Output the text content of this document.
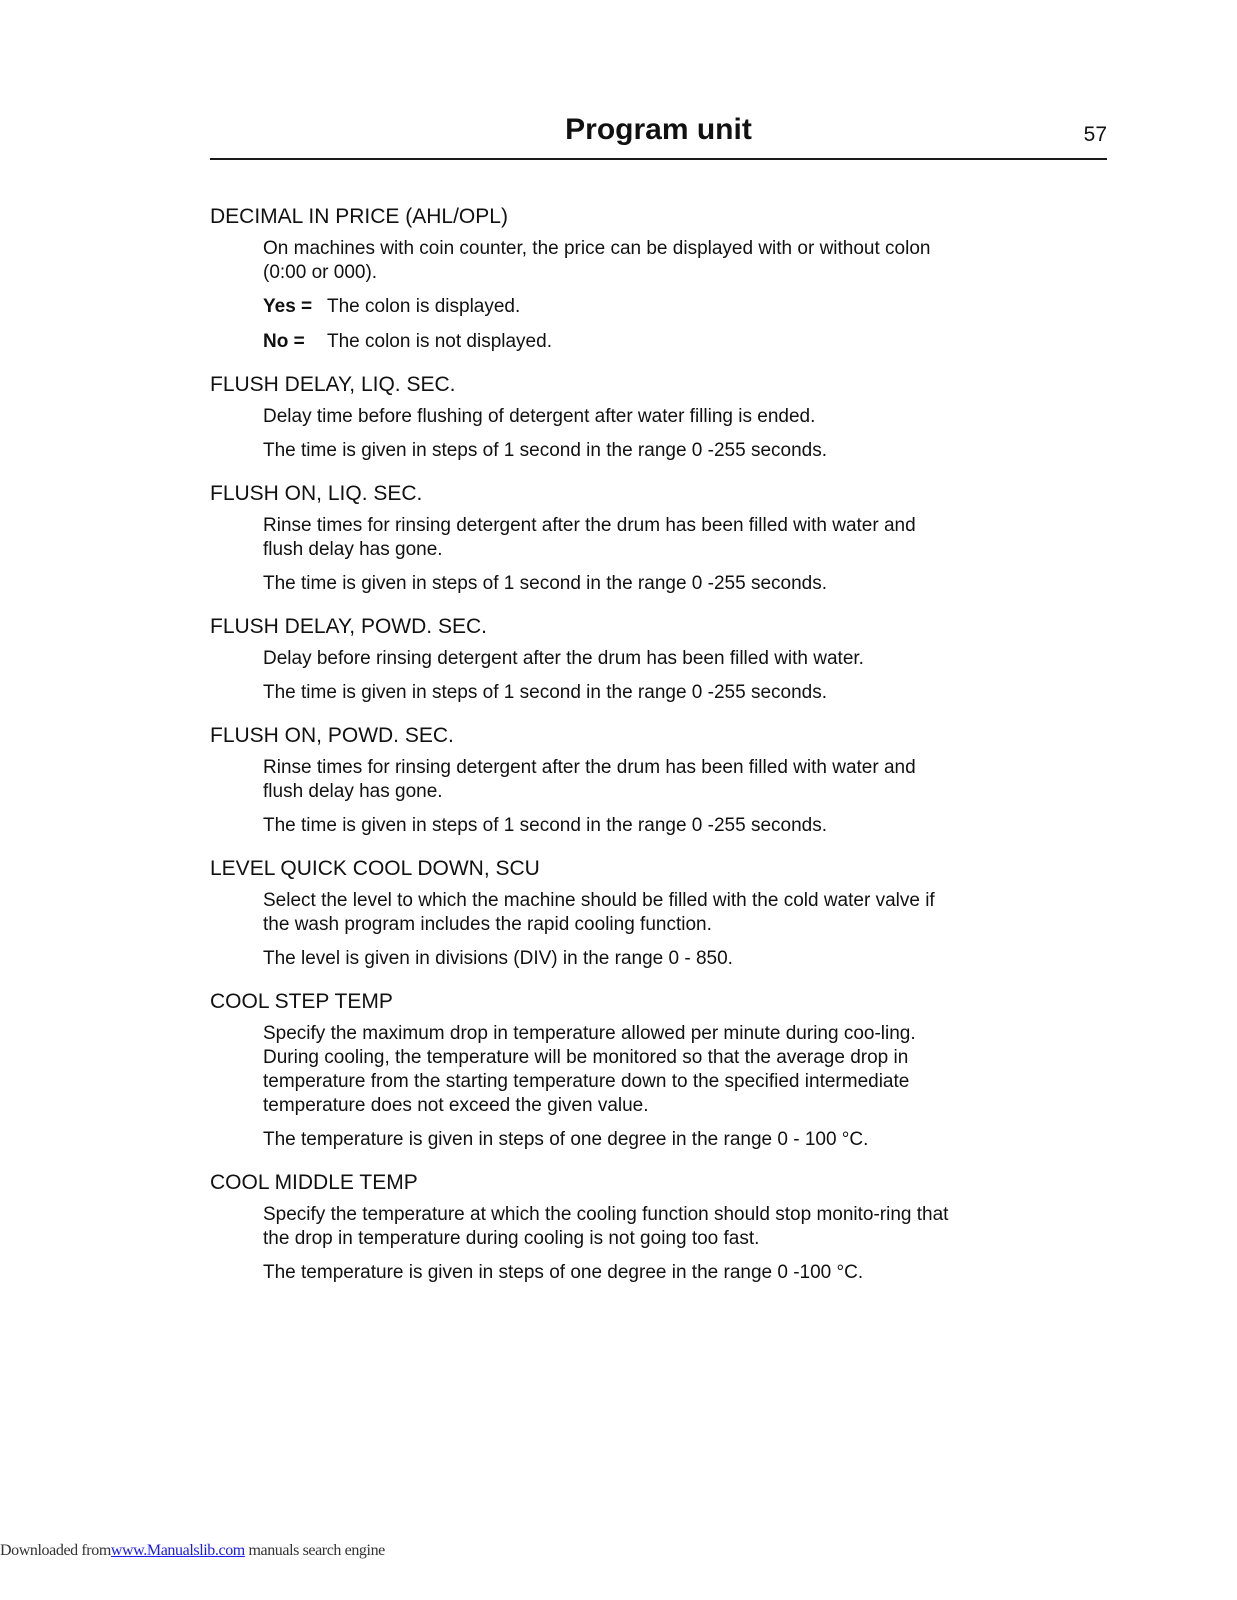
Program unit	57
DECIMAL IN PRICE (AHL/OPL)

On machines with coin counter, the price can be displayed with or without colon (0:00 or 000).

Yes = The colon is displayed.
No =	The colon is not displayed.
FLUSH DELAY, LIQ. SEC.

Delay time before flushing of detergent after water filling is ended.

The time is given in steps of 1 second in the range 0 -255 seconds.

FLUSH ON, LIQ. SEC.

Rinse times for rinsing detergent after the drum has been filled with water and flush delay has gone.

The time is given in steps of 1 second in the range 0 -255 seconds.

FLUSH DELAY, POWD. SEC.

Delay before rinsing detergent after the drum has been filled with water.

The time is given in steps of 1 second in the range 0 -255 seconds.

FLUSH ON, POWD. SEC.

Rinse times for rinsing detergent after the drum has been filled with water and flush delay has gone.

The time is given in steps of 1 second in the range 0 -255 seconds.

LEVEL QUICK COOL DOWN, SCU

Select the level to which the machine should be filled with the cold water valve if the wash program includes the rapid cooling function.

The level is given in divisions (DIV) in the range 0 - 850.

COOL STEP TEMP

Specify the maximum drop in temperature allowed per minute during coo-ling. During cooling, the temperature will be monitored so that the average drop in temperature from the starting temperature down to the specified intermediate temperature does not exceed the given value.

The temperature is given in steps of one degree in the range 0 - 100 °C.

COOL MIDDLE TEMP

Specify the temperature at which the cooling function should stop monito-ring that the drop in temperature during cooling is not going too fast.

The temperature is given in steps of one degree in the range 0 -100 °C.

Downloaded fromwww.Manualslib.com manuals search engine
